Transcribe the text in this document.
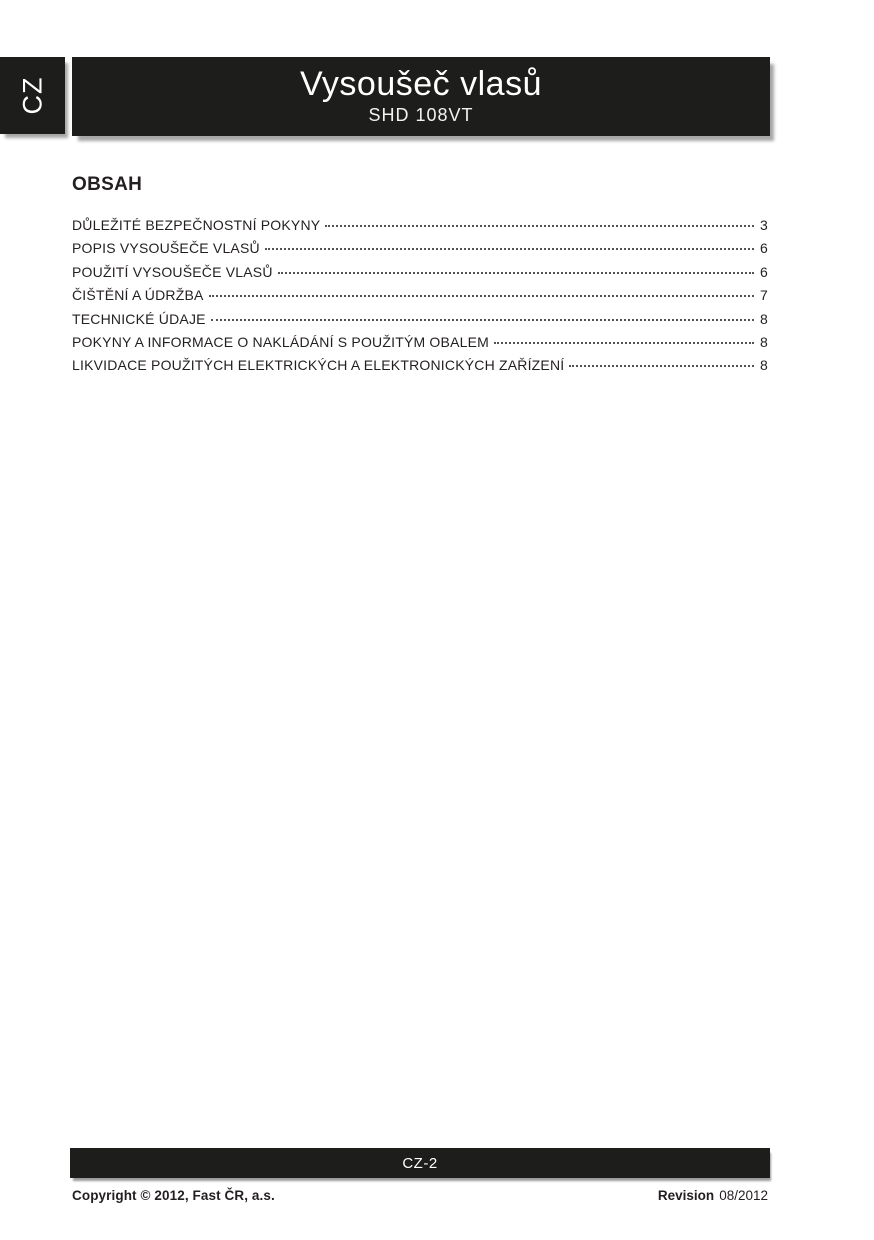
CZ	Vysoušeč vlasů
SHD 108VT
OBSAH
DŮLEŽITÉ BEZPEČNOSTNÍ POKYNY	3
POPIS VYSOUŠEČE VLASŮ	6
POUŽITÍ VYSOUŠEČE VLASŮ	6
ČIŠTĚNÍ A ÚDRŽBA	7
TECHNICKÉ ÚDAJE	8
POKYNY A INFORMACE O NAKLÁDÁNÍ S POUŽITÝM OBALEM	8
LIKVIDACE POUŽITÝCH ELEKTRICKÝCH A ELEKTRONICKÝCH ZAŘÍZENÍ	8
CZ-2
Copyright © 2012, Fast ČR, a.s.	Revision 08/2012
